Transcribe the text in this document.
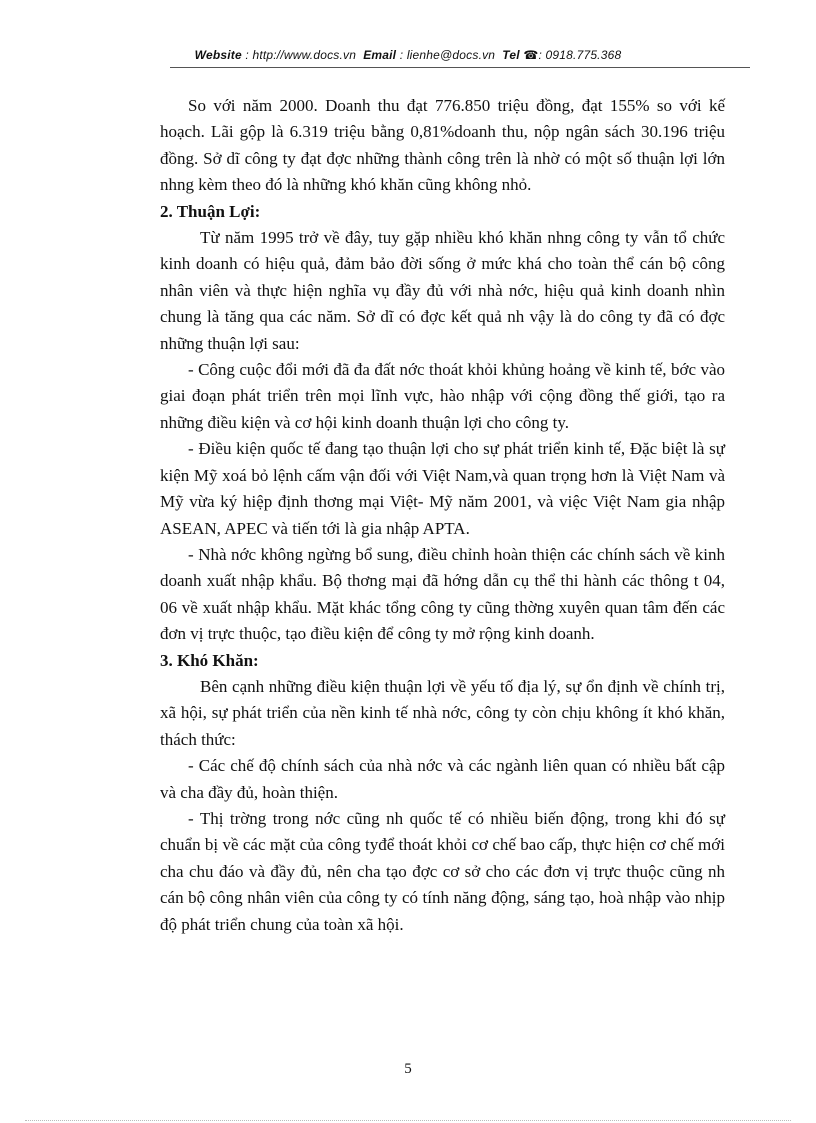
Website : http://www.docs.vn Email : lienhe@docs.vn Tel ☎: 0918.775.368

So với năm 2000. Doanh thu đạt 776.850 triệu đồng, đạt 155% so với kế hoạch. Lãi gộp là 6.319 triệu bằng 0,81%doanh thu, nộp ngân sách 30.196 triệu đồng. Sở dĩ công ty đạt đợc những thành công trên là nhờ có một số thuận lợi lớn nhng kèm theo đó là những khó khăn cũng không nhỏ.

2. Thuận Lợi:

Từ năm 1995 trở về đây, tuy gặp nhiều khó khăn nhng công ty vẫn tổ chức kinh doanh có hiệu quả, đảm bảo đời sống ở mức khá cho toàn thể cán bộ công nhân viên và thực hiện nghĩa vụ đầy đủ với nhà nớc, hiệu quả kinh doanh nhìn chung là tăng qua các năm. Sở dĩ có đợc kết quả nh vậy là do công ty đã có đợc những thuận lợi sau:

- Công cuộc đổi mới đã đa đất nớc thoát khỏi khủng hoảng về kinh tế, bớc vào giai đoạn phát triển trên mọi lĩnh vực, hào nhập với cộng đồng thế giới, tạo ra những điều kiện và cơ hội kinh doanh thuận lợi cho công ty.

- Điều kiện quốc tế đang tạo thuận lợi cho sự phát triển kinh tế, Đặc biệt là sự kiện Mỹ xoá bỏ lệnh cấm vận đối với Việt Nam,và quan trọng hơn là Việt Nam và Mỹ vừa ký hiệp định thơng mại Việt- Mỹ năm 2001, và việc Việt Nam gia nhập ASEAN, APEC và tiến tới là gia nhập APTA.

- Nhà nớc không ngừng bổ sung, điều chỉnh hoàn thiện các chính sách về kinh doanh xuất nhập khẩu. Bộ thơng mại đã hớng dẫn cụ thể thi hành các thông t 04, 06 về xuất nhập khẩu. Mặt khác tổng công ty cũng thờng xuyên quan tâm đến các đơn vị trực thuộc, tạo điều kiện để công ty mở rộng kinh doanh.

3. Khó Khăn:

Bên cạnh những điều kiện thuận lợi về yếu tố địa lý, sự ổn định về chính trị, xã hội, sự phát triển của nền kinh tế nhà nớc, công ty còn chịu không ít khó khăn, thách thức:

- Các chế độ chính sách của nhà nớc và các ngành liên quan có nhiều bất cập và cha đầy đủ, hoàn thiện.

- Thị trờng trong nớc cũng nh quốc tế có nhiều biến động, trong khi đó sự chuẩn bị về các mặt của công tyđể thoát khỏi cơ chế bao cấp, thực hiện cơ chế mới cha chu đáo và đầy đủ, nên cha tạo đợc cơ sở cho các đơn vị trực thuộc cũng nh cán bộ công nhân viên của công ty có tính năng động, sáng tạo, hoà nhập vào nhịp độ phát triển chung của toàn xã hội.

5
